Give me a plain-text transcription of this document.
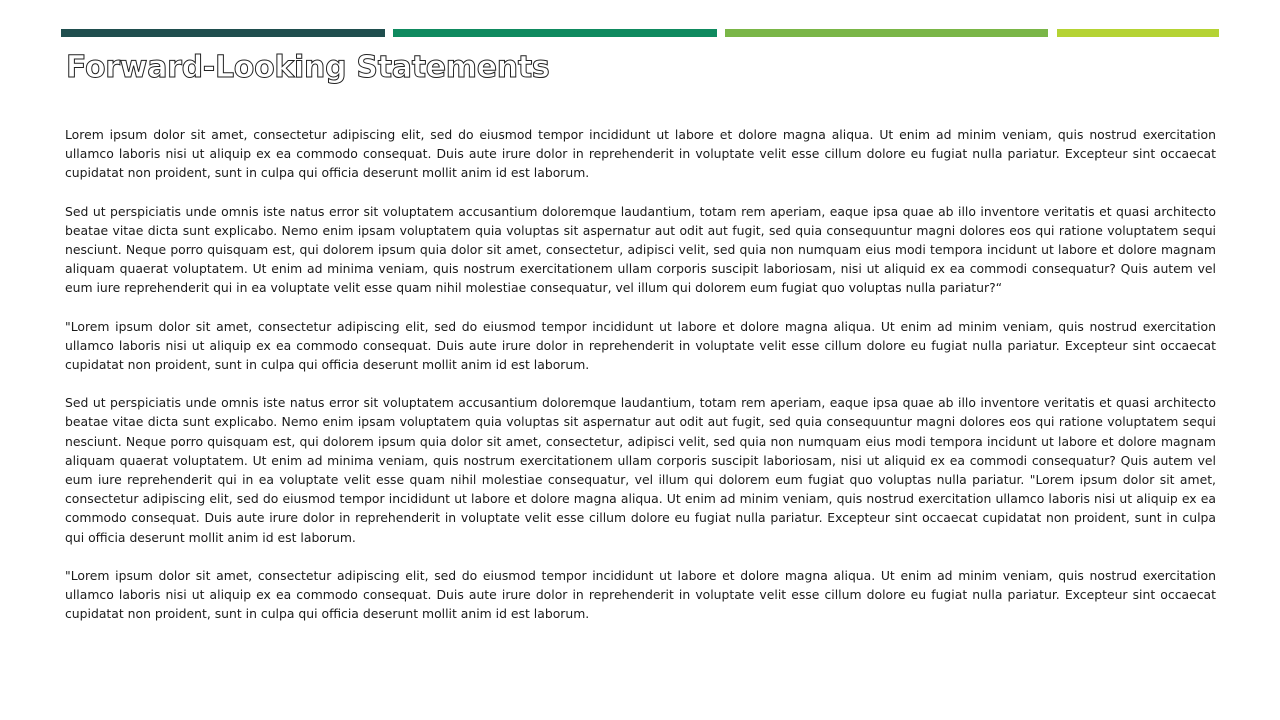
Forward-Looking Statements

Lorem ipsum dolor sit amet, consectetur adipiscing elit, sed do eiusmod tempor incididunt ut labore et dolore magna aliqua. Ut enim ad minim veniam, quis nostrud exercitation ullamco laboris nisi ut aliquip ex ea commodo consequat. Duis aute irure dolor in reprehenderit in voluptate velit esse cillum dolore eu fugiat nulla pariatur. Excepteur sint occaecat cupidatat non proident, sunt in culpa qui officia deserunt mollit anim id est laborum.

Sed ut perspiciatis unde omnis iste natus error sit voluptatem accusantium doloremque laudantium, totam rem aperiam, eaque ipsa quae ab illo inventore veritatis et quasi architecto beatae vitae dicta sunt explicabo. Nemo enim ipsam voluptatem quia voluptas sit aspernatur aut odit aut fugit, sed quia consequuntur magni dolores eos qui ratione voluptatem sequi nesciunt. Neque porro quisquam est, qui dolorem ipsum quia dolor sit amet, consectetur, adipisci velit, sed quia non numquam eius modi tempora incidunt ut labore et dolore magnam aliquam quaerat voluptatem. Ut enim ad minima veniam, quis nostrum exercitationem ullam corporis suscipit laboriosam, nisi ut aliquid ex ea commodi consequatur? Quis autem vel eum iure reprehenderit qui in ea voluptate velit esse quam nihil molestiae consequatur, vel illum qui dolorem eum fugiat quo voluptas nulla pariatur?“

"Lorem ipsum dolor sit amet, consectetur adipiscing elit, sed do eiusmod tempor incididunt ut labore et dolore magna aliqua. Ut enim ad minim veniam, quis nostrud exercitation ullamco laboris nisi ut aliquip ex ea commodo consequat. Duis aute irure dolor in reprehenderit in voluptate velit esse cillum dolore eu fugiat nulla pariatur. Excepteur sint occaecat cupidatat non proident, sunt in culpa qui officia deserunt mollit anim id est laborum.

Sed ut perspiciatis unde omnis iste natus error sit voluptatem accusantium doloremque laudantium, totam rem aperiam, eaque ipsa quae ab illo inventore veritatis et quasi architecto beatae vitae dicta sunt explicabo. Nemo enim ipsam voluptatem quia voluptas sit aspernatur aut odit aut fugit, sed quia consequuntur magni dolores eos qui ratione voluptatem sequi nesciunt. Neque porro quisquam est, qui dolorem ipsum quia dolor sit amet, consectetur, adipisci velit, sed quia non numquam eius modi tempora incidunt ut labore et dolore magnam aliquam quaerat voluptatem. Ut enim ad minima veniam, quis nostrum exercitationem ullam corporis suscipit laboriosam, nisi ut aliquid ex ea commodi consequatur? Quis autem vel eum iure reprehenderit qui in ea voluptate velit esse quam nihil molestiae consequatur, vel illum qui dolorem eum fugiat quo voluptas nulla pariatur. "Lorem ipsum dolor sit amet, consectetur adipiscing elit, sed do eiusmod tempor incididunt ut labore et dolore magna aliqua. Ut enim ad minim veniam, quis nostrud exercitation ullamco laboris nisi ut aliquip ex ea commodo consequat. Duis aute irure dolor in reprehenderit in voluptate velit esse cillum dolore eu fugiat nulla pariatur. Excepteur sint occaecat cupidatat non proident, sunt in culpa qui officia deserunt mollit anim id est laborum.

"Lorem ipsum dolor sit amet, consectetur adipiscing elit, sed do eiusmod tempor incididunt ut labore et dolore magna aliqua. Ut enim ad minim veniam, quis nostrud exercitation ullamco laboris nisi ut aliquip ex ea commodo consequat. Duis aute irure dolor in reprehenderit in voluptate velit esse cillum dolore eu fugiat nulla pariatur. Excepteur sint occaecat cupidatat non proident, sunt in culpa qui officia deserunt mollit anim id est laborum.
